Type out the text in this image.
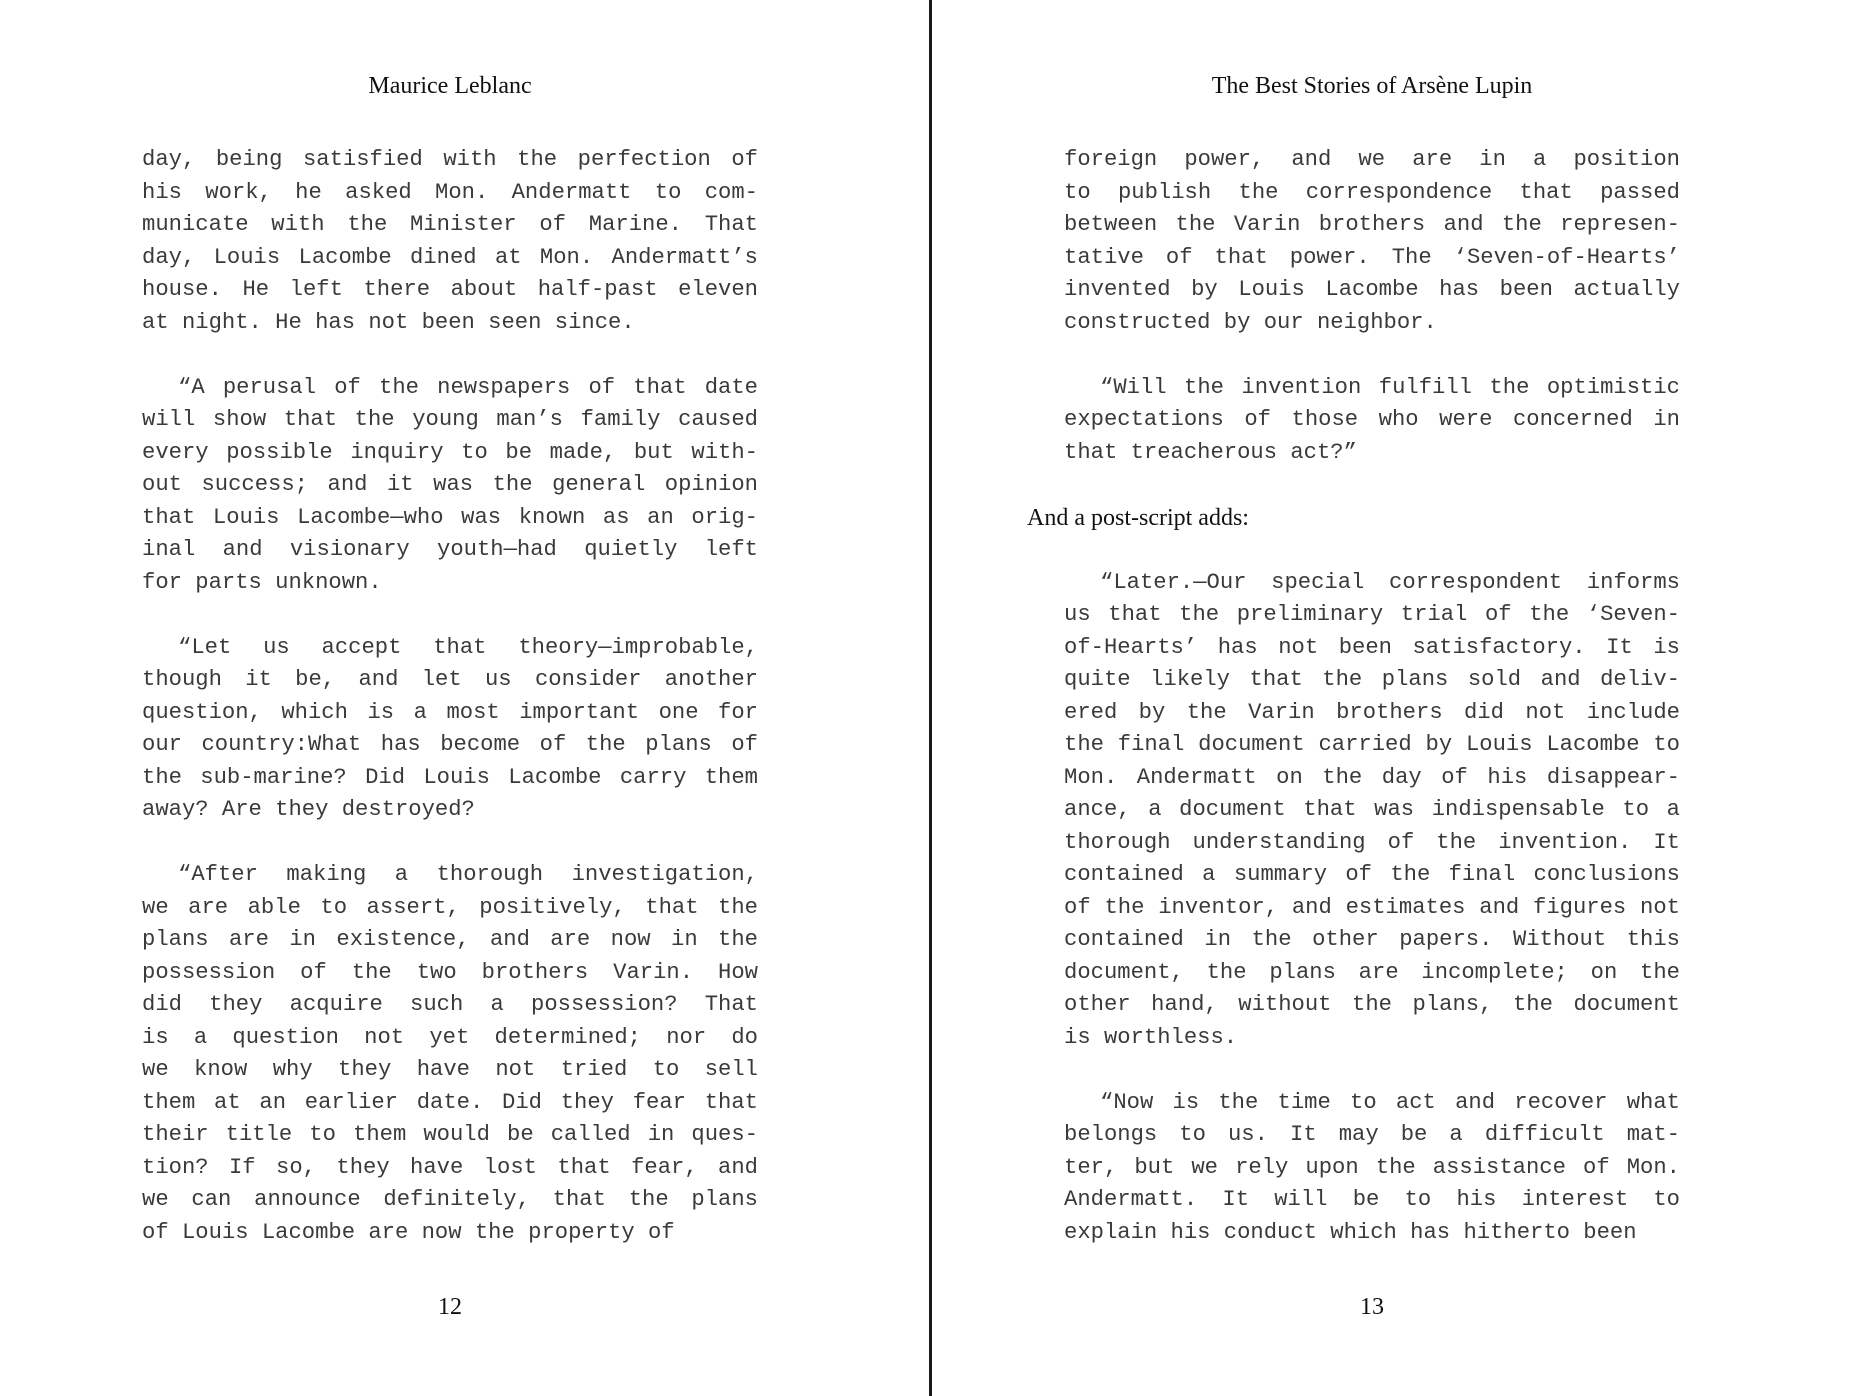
Maurice Leblanc
day, being satisfied with the perfection of
his work, he asked Mon. Andermatt to com-
municate with the Minister of Marine. That
day, Louis Lacombe dined at Mon. Andermatt’s
house. He left there about half-past eleven
at night. He has not been seen since.
“A perusal of the newspapers of that date
will show that the young man’s family caused
every possible inquiry to be made, but with-
out success; and it was the general opinion
that Louis Lacombe—who was known as an orig-
inal and visionary youth—had quietly left
for parts unknown.
“Let us accept that theory—improbable,
though it be, and let us consider another
question, which is a most important one for
our country:What has become of the plans of
the sub-marine? Did Louis Lacombe carry them
away? Are they destroyed?
“After making a thorough investigation,
we are able to assert, positively, that the
plans are in existence, and are now in the
possession of the two brothers Varin. How
did they acquire such a possession? That
is a question not yet determined; nor do
we know why they have not tried to sell
them at an earlier date. Did they fear that
their title to them would be called in ques-
tion? If so, they have lost that fear, and
we can announce definitely, that the plans
of Louis Lacombe are now the property of
12
The Best Stories of Arsène Lupin
foreign power, and we are in a position
to publish the correspondence that passed
between the Varin brothers and the represen-
tative of that power. The ‘Seven-of-Hearts’
invented by Louis Lacombe has been actually
constructed by our neighbor.
“Will the invention fulfill the optimistic
expectations of those who were concerned in
that treacherous act?”
And a post-script adds:
“Later.—Our special correspondent informs
us that the preliminary trial of the ‘Seven-
of-Hearts’ has not been satisfactory. It is
quite likely that the plans sold and deliv-
ered by the Varin brothers did not include
the final document carried by Louis Lacombe to
Mon. Andermatt on the day of his disappear-
ance, a document that was indispensable to a
thorough understanding of the invention. It
contained a summary of the final conclusions
of the inventor, and estimates and figures not
contained in the other papers. Without this
document, the plans are incomplete; on the
other hand, without the plans, the document
is worthless.
“Now is the time to act and recover what
belongs to us. It may be a difficult mat-
ter, but we rely upon the assistance of Mon.
Andermatt. It will be to his interest to
explain his conduct which has hitherto been
13
